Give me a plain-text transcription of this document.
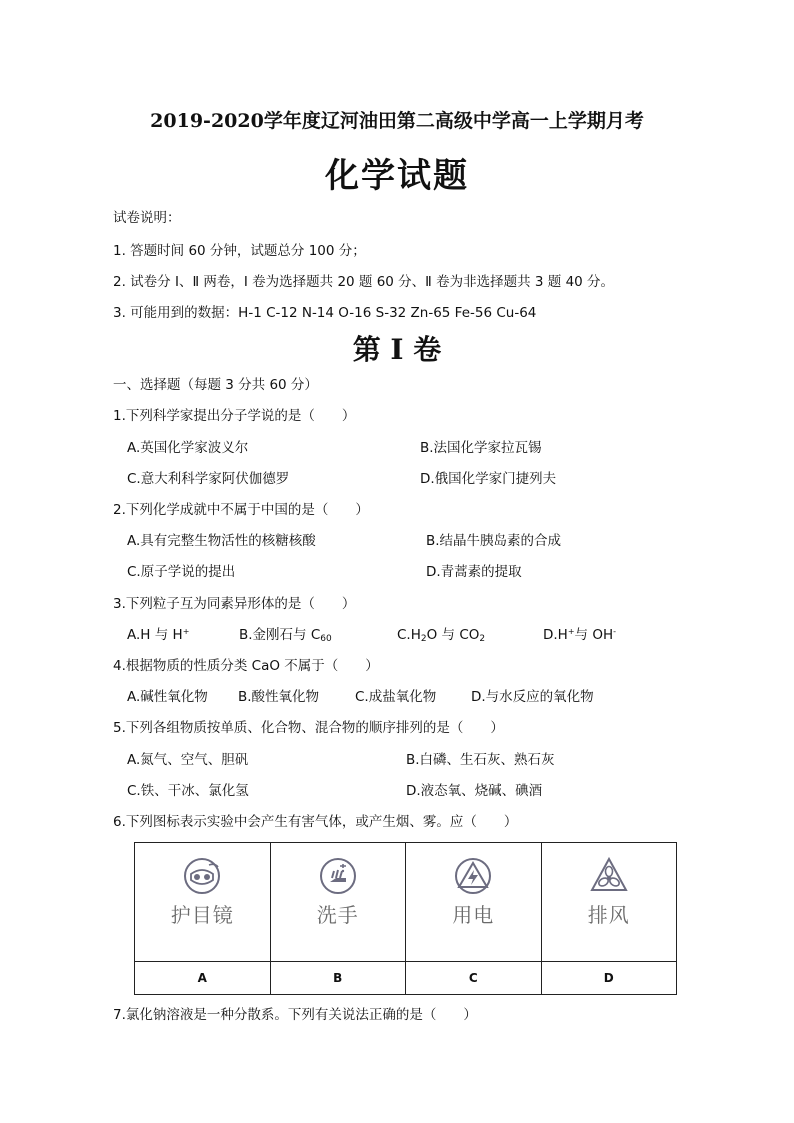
2019-2020学年度辽河油田第二高级中学高一上学期月考
化学试题
试卷说明：
1. 答题时间 60 分钟，试题总分 100 分；
2. 试卷分 Ⅰ、Ⅱ 两卷，Ⅰ 卷为选择题共 20 题 60 分、Ⅱ 卷为非选择题共 3 题 40 分。
3. 可能用到的数据：H-1 C-12 N-14 O-16 S-32 Zn-65 Fe-56 Cu-64
第 Ⅰ 卷
一、选择题（每题 3 分共 60 分）
1.下列科学家提出分子学说的是（　　）
A.英国化学家波义尔	B.法国化学家拉瓦锡
C.意大利科学家阿伏伽德罗	D.俄国化学家门捷列夫
2.下列化学成就中不属于中国的是（　　）
A.具有完整生物活性的核糖核酸	B.结晶牛胰岛素的合成
C.原子学说的提出	D.青蒿素的提取
3.下列粒子互为同素异形体的是（　　）
A.H 与 H+	B.金刚石与 $C_{60}$	$C.H_2O$ 与 $CO_2$	D.H+与 OH-
4.根据物质的性质分类 CaO 不属于（　　）
A.碱性氧化物 B.酸性氧化物	C.成盐氧化物	D.与水反应的氧化物
5.下列各组物质按单质、化合物、混合物的顺序排列的是（　　）
A.氮气、空气、胆矾	B.白磷、生石灰、熟石灰
C.铁、干冰、氯化氢	D.液态氧、烧碱、碘酒
6.下列图标表示实验中会产生有害气体，或产生烟、雾。应（　　）
护目镜	洗手	用电	排风

A	B	C	D
7.氯化钠溶液是一种分散系。下列有关说法正确的是（　　）
